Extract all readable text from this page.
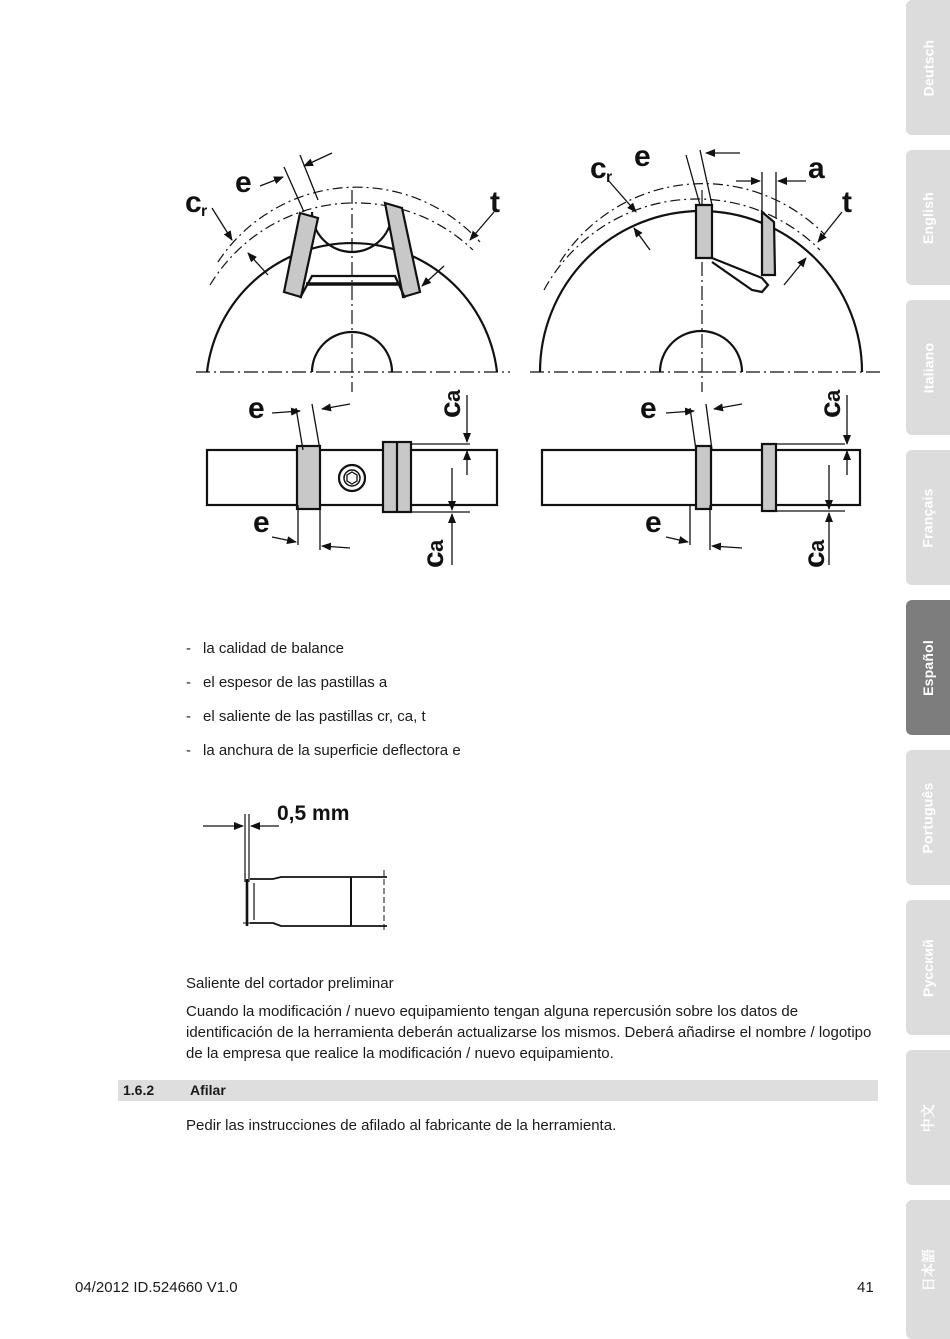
Deutsch
English
Italiano
Français
Español
Português
Русский
中文
日本語
c r
e
t
c r
e	a
t
e
e
e
e
c
a
c
a
c
a
c
a
- la calidad de balance
- el espesor de las pastillas a
- el saliente de las pastillas cr, ca, t
- la anchura de la superficie deflectora e
0,5 mm
Saliente del cortador preliminar

Cuando la modificación / nuevo equipamiento tengan alguna repercusión sobre los datos de identificación de la herramienta deberán actualizarse los mismos. Deberá añadirse el nombre / logotipo de la empresa que realice la modificación / nuevo equipamiento.

1.6.2	Afilar
Pedir las instrucciones de afilado al fabricante de la herramienta.
04/2012 ID.524660 V1.0	41
